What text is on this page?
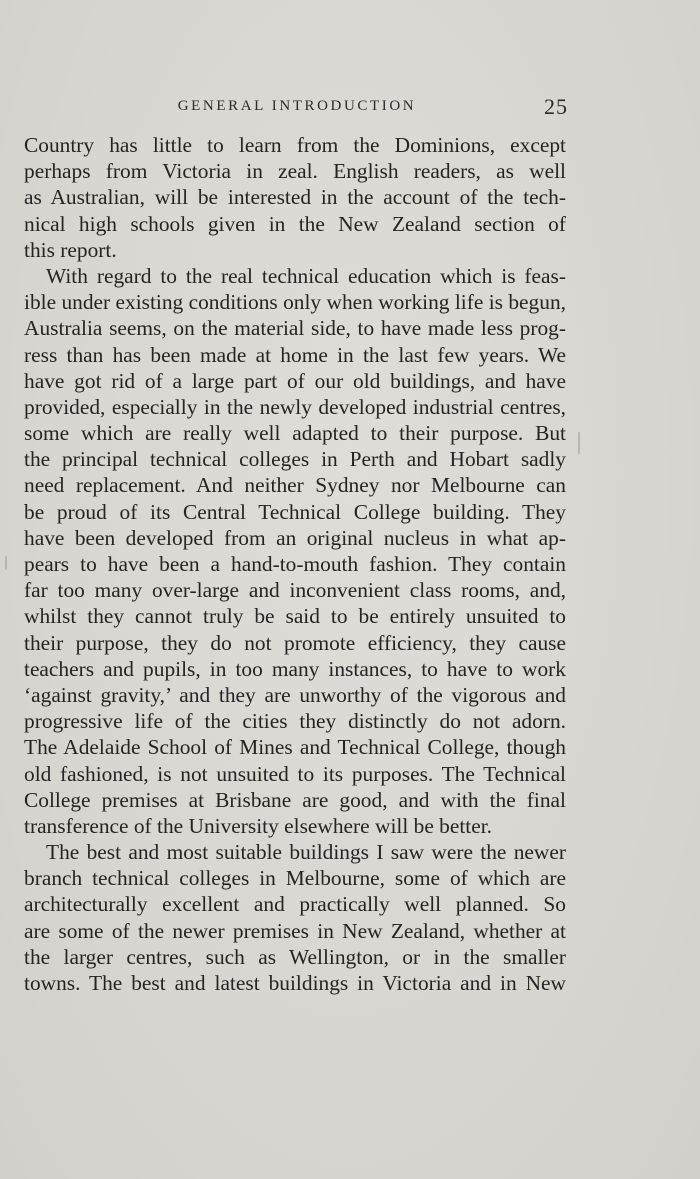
GENERAL INTRODUCTION	25
Country has little to learn from the Dominions, except
perhaps from Victoria in zeal. English readers, as well
as Australian, will be interested in the account of the tech-
nical high schools given in the New Zealand section of
this report.
With regard to the real technical education which is feas-
ible under existing conditions only when working life is begun,
Australia seems, on the material side, to have made less prog-
ress than has been made at home in the last few years. We
have got rid of a large part of our old buildings, and have
provided, especially in the newly developed industrial centres,
some which are really well adapted to their purpose. But
the principal technical colleges in Perth and Hobart sadly
need replacement. And neither Sydney nor Melbourne can
be proud of its Central Technical College building. They
have been developed from an original nucleus in what ap-
pears to have been a hand-to-mouth fashion. They contain
far too many over-large and inconvenient class rooms, and,
whilst they cannot truly be said to be entirely unsuited to
their purpose, they do not promote efficiency, they cause
teachers and pupils, in too many instances, to have to work
‘against gravity,’ and they are unworthy of the vigorous and
progressive life of the cities they distinctly do not adorn.
The Adelaide School of Mines and Technical College, though
old fashioned, is not unsuited to its purposes. The Technical
College premises at Brisbane are good, and with the final
transference of the University elsewhere will be better.
The best and most suitable buildings I saw were the newer
branch technical colleges in Melbourne, some of which are
architecturally excellent and practically well planned. So
are some of the newer premises in New Zealand, whether at
the larger centres, such as Wellington, or in the smaller
towns. The best and latest buildings in Victoria and in New
